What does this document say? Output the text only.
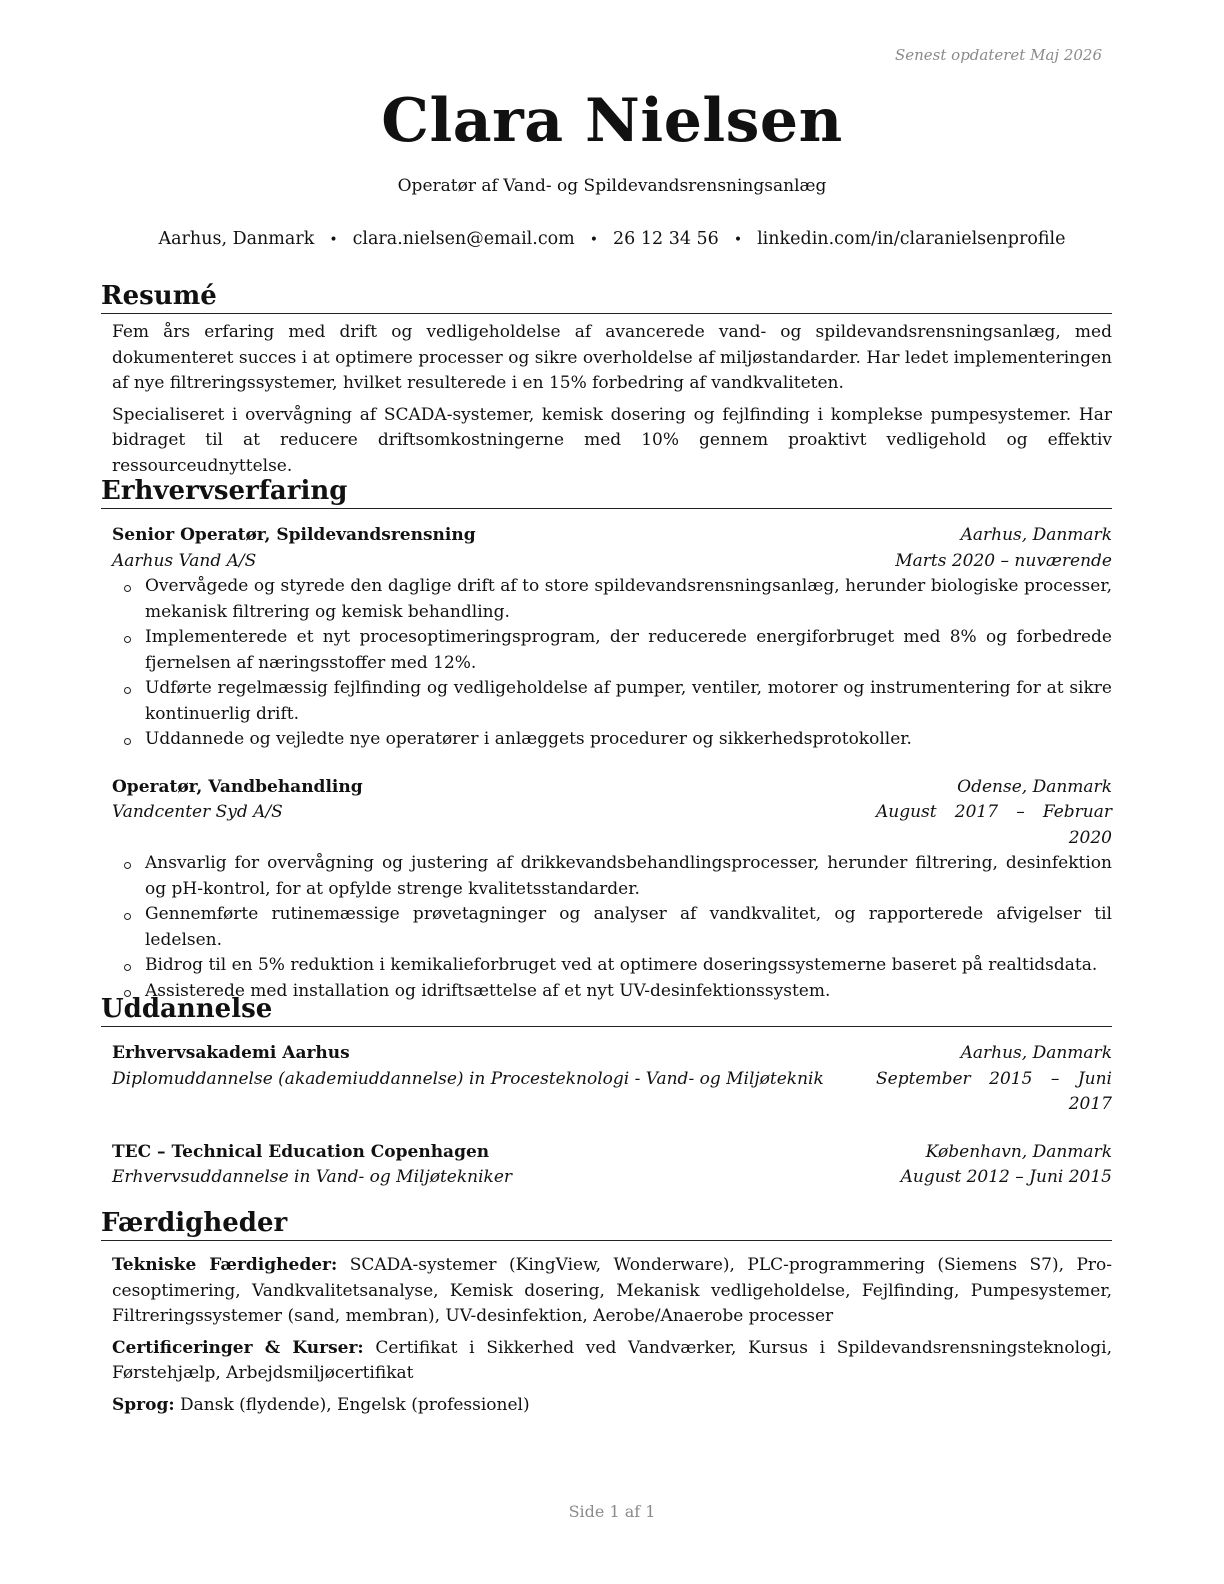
Senest opdateret Maj 2026
Clara Nielsen
Operatør af Vand- og Spildevandsrensningsanlæg
Aarhus, Danmark • clara.nielsen@email.com • 26 12 34 56 • linkedin.com/in/claranielsenprofile
Resumé

Fem års erfaring med drift og vedligeholdelse af avancerede vand- og spildevandsrensningsanlæg, med dokumenteret succes i at optimere processer og sikre overholdelse af miljøstandarder. Har ledet implementeringen af nye filtreringssystemer, hvilket resulterede i en 15% forbedring af vandkvaliteten.

Specialiseret i overvågning af SCADA-systemer, kemisk dosering og fejlfinding i komplekse pumpesystemer. Har bidraget til at reducere driftsomkostningerne med 10% gennem proaktivt vedligehold og effektiv ressourceudnyttelse.

Erhvervserfaring
Senior Operatør, Spildevandsrensning	Aarhus, Danmark
Aarhus Vand A/S	Marts 2020 – nuværende
Overvågede og styrede den daglige drift af to store spildevandsrensningsanlæg, herunder biologiske processer, mekanisk filtrering og kemisk behandling.
Implementerede et nyt procesoptimeringsprogram, der reducerede energiforbruget med 8% og forbedrede fjernelsen af næringsstoffer med 12%.
Udførte regelmæssig fejlfinding og vedligeholdelse af pumper, ventiler, motorer og instrumentering for at sikre kontinuerlig drift.
Uddannede og vejledte nye operatører i anlæggets procedurer og sikkerhedsprotokoller.
Operatør, Vandbehandling	Odense, Danmark
Vandcenter Syd A/S	August 2017 – Februar 2020
Ansvarlig for overvågning og justering af drikkevandsbehandlingsprocesser, herunder filtrering, desinfektion og pH-kontrol, for at opfylde strenge kvalitetsstandarder.
Gennemførte rutinemæssige prøvetagninger og analyser af vandkvalitet, og rapporterede afvigelser til ledelsen.
Bidrog til en 5% reduktion i kemikalieforbruget ved at optimere doseringssystemerne baseret på realtidsdata.
Assisterede med installation og idriftsættelse af et nyt UV-desinfektionssystem.
Uddannelse
Erhvervsakademi Aarhus	Aarhus, Danmark
Diplomuddannelse (akademiuddannelse) in Procesteknologi - Vand- og Miljøteknik	September 2015 – Juni 2017
TEC – Technical Education Copenhagen	København, Danmark
Erhvervsuddannelse in Vand- og Miljøtekniker	August 2012 – Juni 2015
Færdigheder
Tekniske Færdigheder: SCADA-systemer (KingView, Wonderware), PLC-programmering (Siemens S7), Procesoptimering, Vandkvalitetsanalyse, Kemisk dosering, Mekanisk vedligeholdelse, Fejlfinding, Pumpesystemer, Filtreringssystemer (sand, membran), UV-desinfektion, Aerobe/Anaerobe processer
Certificeringer & Kurser: Certifikat i Sikkerhed ved Vandværker, Kursus i Spildevandsrensningsteknologi, Førstehjælp, Arbejdsmiljøcertifikat
Sprog: Dansk (flydende), Engelsk (professionel)
Side 1 af 1
